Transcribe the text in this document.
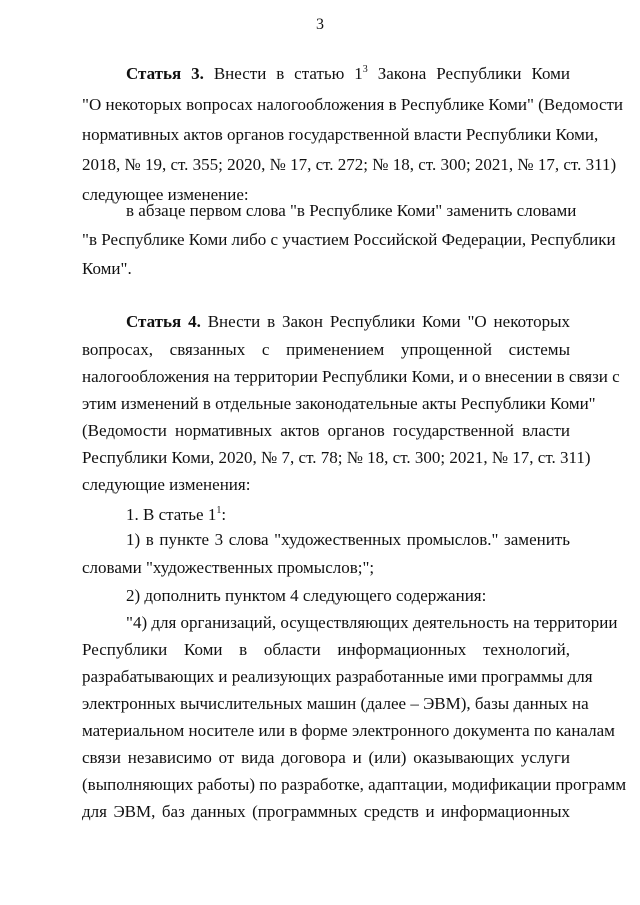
3
Статья 3. Внести в статью $1^3$ Закона Республики Коми
"О некоторых вопросах налогообложения в Республике Коми" (Ведомости
нормативных актов органов государственной власти Республики Коми,
2018, № 19, ст. 355; 2020, № 17, ст. 272; № 18, ст. 300; 2021, № 17, ст. 311)
следующее изменение:
в абзаце первом слова "в Республике Коми" заменить словами
"в Республике Коми либо с участием Российской Федерации, Республики
Коми".
Статья 4. Внести в Закон Республики Коми "О некоторых
вопросах, связанных с применением упрощенной системы
налогообложения на территории Республики Коми, и о внесении в связи с
этим изменений в отдельные законодательные акты Республики Коми"
(Ведомости нормативных актов органов государственной власти
Республики Коми, 2020, № 7, ст. 78; № 18, ст. 300; 2021, № 17, ст. 311)
следующие изменения:
1. В статье $1^1$:
1) в пункте 3 слова "художественных промыслов." заменить
словами "художественных промыслов;";
2) дополнить пунктом 4 следующего содержания:
"4) для организаций, осуществляющих деятельность на территории
Республики Коми в области информационных технологий,
разрабатывающих и реализующих разработанные ими программы для
электронных вычислительных машин (далее – ЭВМ), базы данных на
материальном носителе или в форме электронного документа по каналам
связи независимо от вида договора и (или) оказывающих услуги
(выполняющих работы) по разработке, адаптации, модификации программ
для ЭВМ, баз данных (программных средств и информационных
